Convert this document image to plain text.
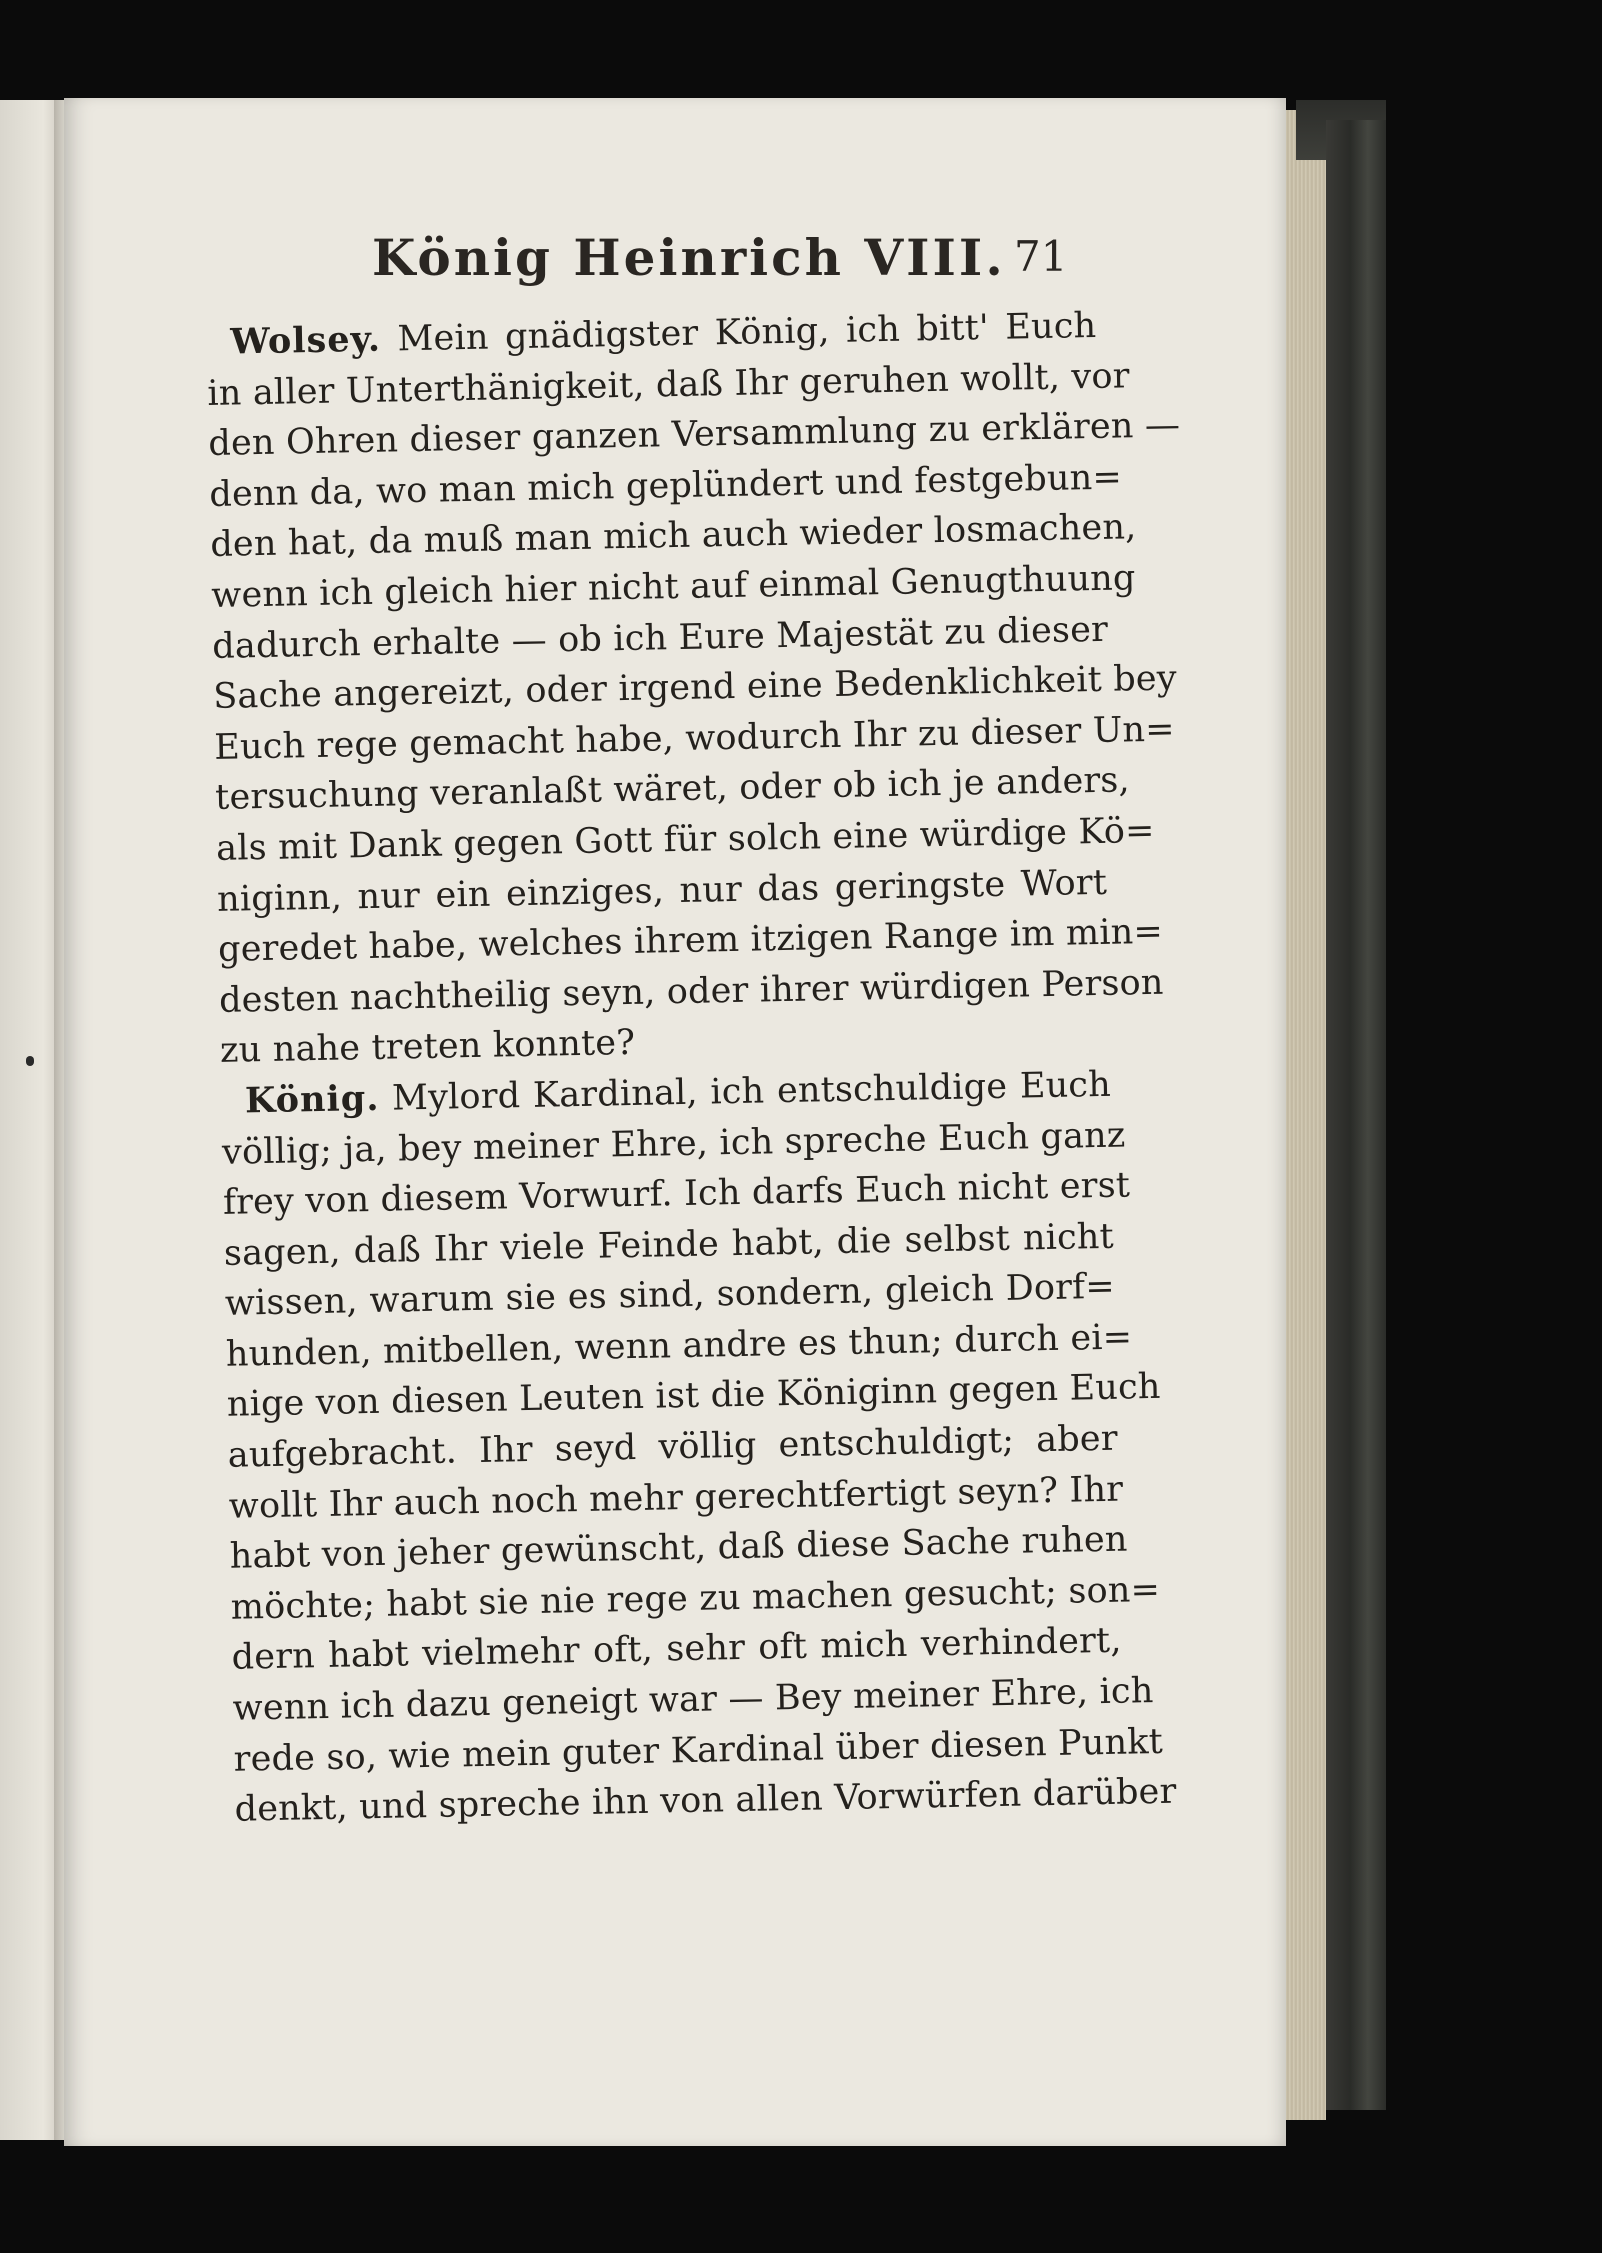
König Heinrich VIII. 71
Wolsey. Mein gnädigster König, ich bitt' Euch
in aller Unterthänigkeit, daß Ihr geruhen wollt, vor
den Ohren dieser ganzen Versammlung zu erklären —
denn da, wo man mich geplündert und festgebun=
den hat, da muß man mich auch wieder losmachen,
wenn ich gleich hier nicht auf einmal Genugthuung
dadurch erhalte — ob ich Eure Majestät zu dieser
Sache angereizt, oder irgend eine Bedenklichkeit bey
Euch rege gemacht habe, wodurch Ihr zu dieser Un=
tersuchung veranlaßt wäret, oder ob ich je anders,
als mit Dank gegen Gott für solch eine würdige Kö=
niginn, nur ein einziges, nur das geringste Wort
geredet habe, welches ihrem itzigen Range im min=
desten nachtheilig seyn, oder ihrer würdigen Person
zu nahe treten konnte?
König. Mylord Kardinal, ich entschuldige Euch
völlig; ja, bey meiner Ehre, ich spreche Euch ganz
frey von diesem Vorwurf. Ich darfs Euch nicht erst
sagen, daß Ihr viele Feinde habt, die selbst nicht
wissen, warum sie es sind, sondern, gleich Dorf=
hunden, mitbellen, wenn andre es thun; durch ei=
nige von diesen Leuten ist die Königinn gegen Euch
aufgebracht. Ihr seyd völlig entschuldigt; aber
wollt Ihr auch noch mehr gerechtfertigt seyn? Ihr
habt von jeher gewünscht, daß diese Sache ruhen
möchte; habt sie nie rege zu machen gesucht; son=
dern habt vielmehr oft, sehr oft mich verhindert,
wenn ich dazu geneigt war — Bey meiner Ehre, ich
rede so, wie mein guter Kardinal über diesen Punkt
denkt, und spreche ihn von allen Vorwürfen darüber
